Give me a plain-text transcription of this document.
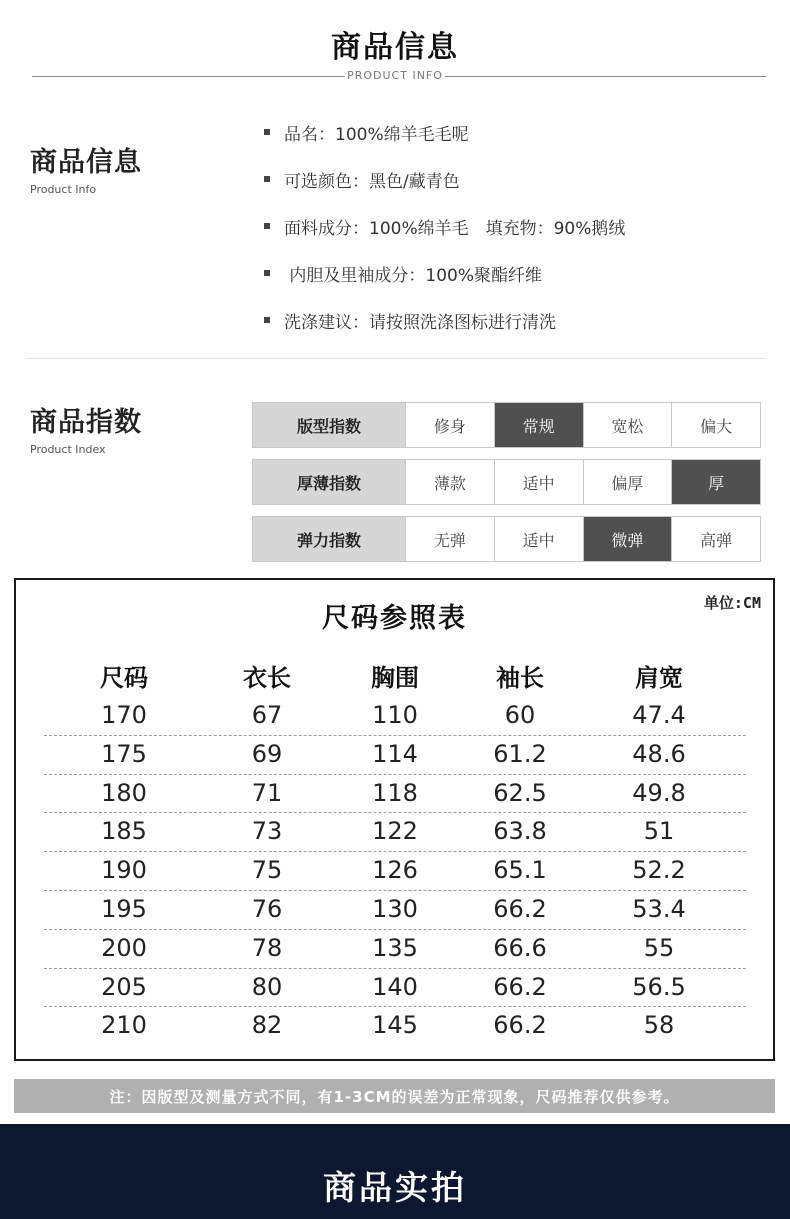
商品信息
PRODUCT INFO
商品信息
Product Info
品名：100%绵羊毛毛呢
可选颜色：黑色/藏青色
面料成分：100%绵羊毛　填充物：90%鹅绒
内胆及里袖成分：100%聚酯纤维
洗涤建议：请按照洗涤图标进行清洗
商品指数
Product Index
版型指数	修身	常规	宽松	偏大
厚薄指数	薄款	适中	偏厚	厚
弹力指数	无弹	适中	微弹	高弹
尺码参照表	单位:CM
尺码	衣长	胸围	袖长	肩宽
170	67	110	60	47.4
175	69	114	61.2	48.6
180	71	118	62.5	49.8
185	73	122	63.8	51
190	75	126	65.1	52.2
195	76	130	66.2	53.4
200	78	135	66.6	55
205	80	140	66.2	56.5
210	82	145	66.2	58
注：因版型及测量方式不同，有1-3CM的误差为正常现象，尺码推荐仅供参考。
商品实拍
